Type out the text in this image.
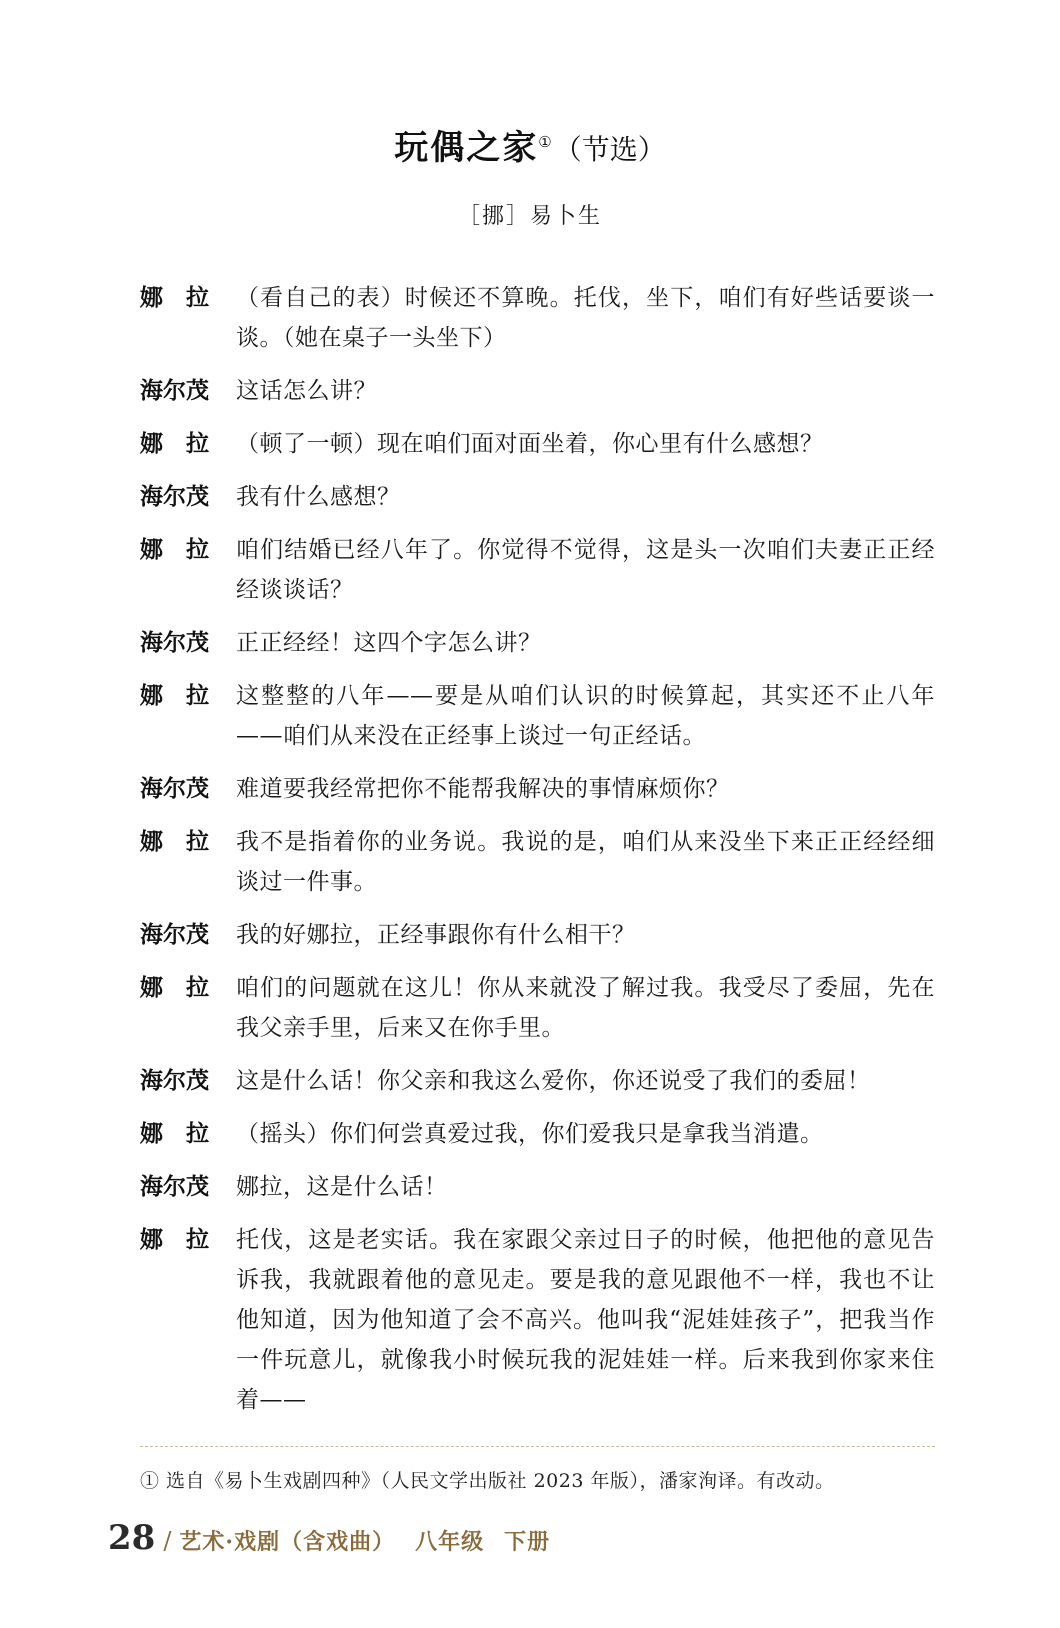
玩偶之家①（节选）
［挪］易卜生
娜　拉	（看自己的表）时候还不算晚。托伐，坐下，咱们有好些话要谈一谈。（她在桌子一头坐下）
海尔茂	这话怎么讲？
娜　拉	（顿了一顿）现在咱们面对面坐着，你心里有什么感想？
海尔茂	我有什么感想？
娜　拉	咱们结婚已经八年了。你觉得不觉得，这是头一次咱们夫妻正正经经谈谈话？
海尔茂	正正经经！这四个字怎么讲？
娜　拉	这整整的八年——要是从咱们认识的时候算起，其实还不止八年——咱们从来没在正经事上谈过一句正经话。
海尔茂	难道要我经常把你不能帮我解决的事情麻烦你？
娜　拉	我不是指着你的业务说。我说的是，咱们从来没坐下来正正经经细谈过一件事。
海尔茂	我的好娜拉，正经事跟你有什么相干？
娜　拉	咱们的问题就在这儿！你从来就没了解过我。我受尽了委屈，先在我父亲手里，后来又在你手里。
海尔茂	这是什么话！你父亲和我这么爱你，你还说受了我们的委屈！
娜　拉	（摇头）你们何尝真爱过我，你们爱我只是拿我当消遣。
海尔茂	娜拉，这是什么话！
娜　拉	托伐，这是老实话。我在家跟父亲过日子的时候，他把他的意见告诉我，我就跟着他的意见走。要是我的意见跟他不一样，我也不让他知道，因为他知道了会不高兴。他叫我“泥娃娃孩子”，把我当作一件玩意儿，就像我小时候玩我的泥娃娃一样。后来我到你家来住着——
① 选自《易卜生戏剧四种》（人民文学出版社 2023 年版），潘家洵译。有改动。
28 / 艺术·戏剧（含戏曲） 八年级 下册
